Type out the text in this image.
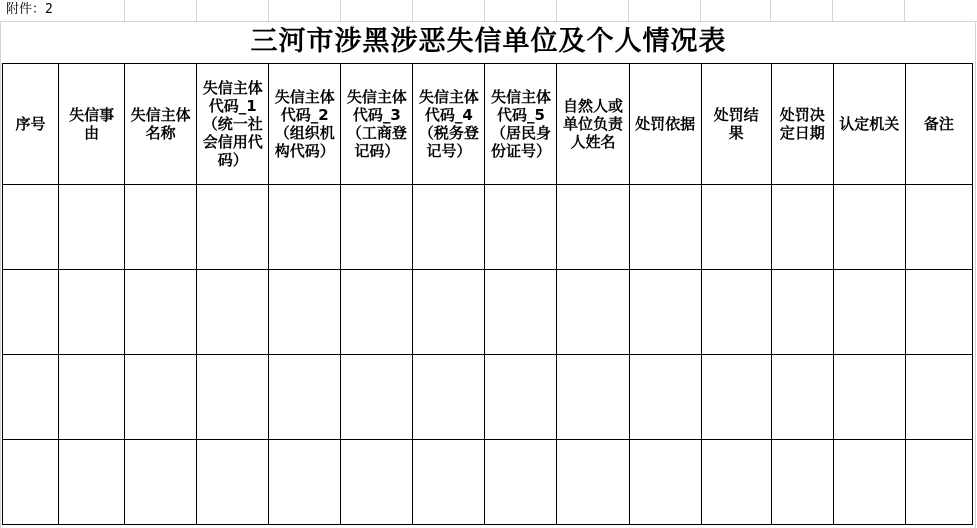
附件：2
三河市涉黑涉恶失信单位及个人情况表
序号	失信事由	失信主体名称	失信主体代码_1（统一社会信用代码）	失信主体代码_2（组织机构代码）	失信主体代码_3（工商登记码）	失信主体代码_4（税务登记号）	失信主体代码_5（居民身份证号）	自然人或单位负责人姓名	处罚依据	处罚结果	处罚决定日期	认定机关	备注
